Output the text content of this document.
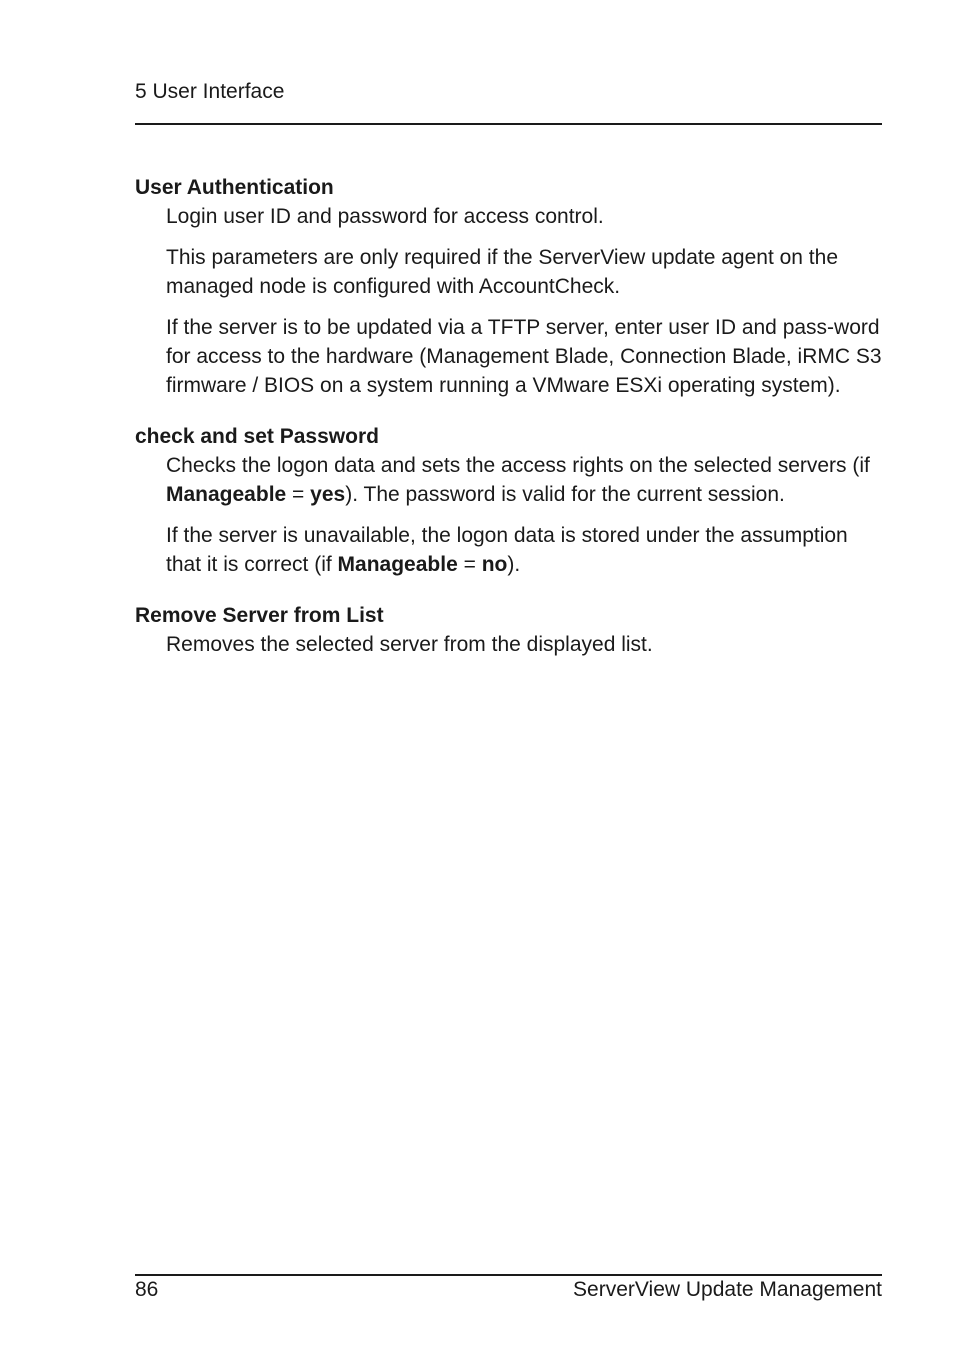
5 User Interface
User Authentication

Login user ID and password for access control.

This parameters are only required if the ServerView update agent on the managed node is configured with AccountCheck.

If the server is to be updated via a TFTP server, enter user ID and pass-word for access to the hardware (Management Blade, Connection Blade, iRMC S3 firmware / BIOS on a system running a VMware ESXi operating system).

check and set Password

Checks the logon data and sets the access rights on the selected servers (if Manageable = yes). The password is valid for the current session.

If the server is unavailable, the logon data is stored under the assumption that it is correct (if Manageable = no).

Remove Server from List

Removes the selected server from the displayed list.

86	ServerView Update Management
